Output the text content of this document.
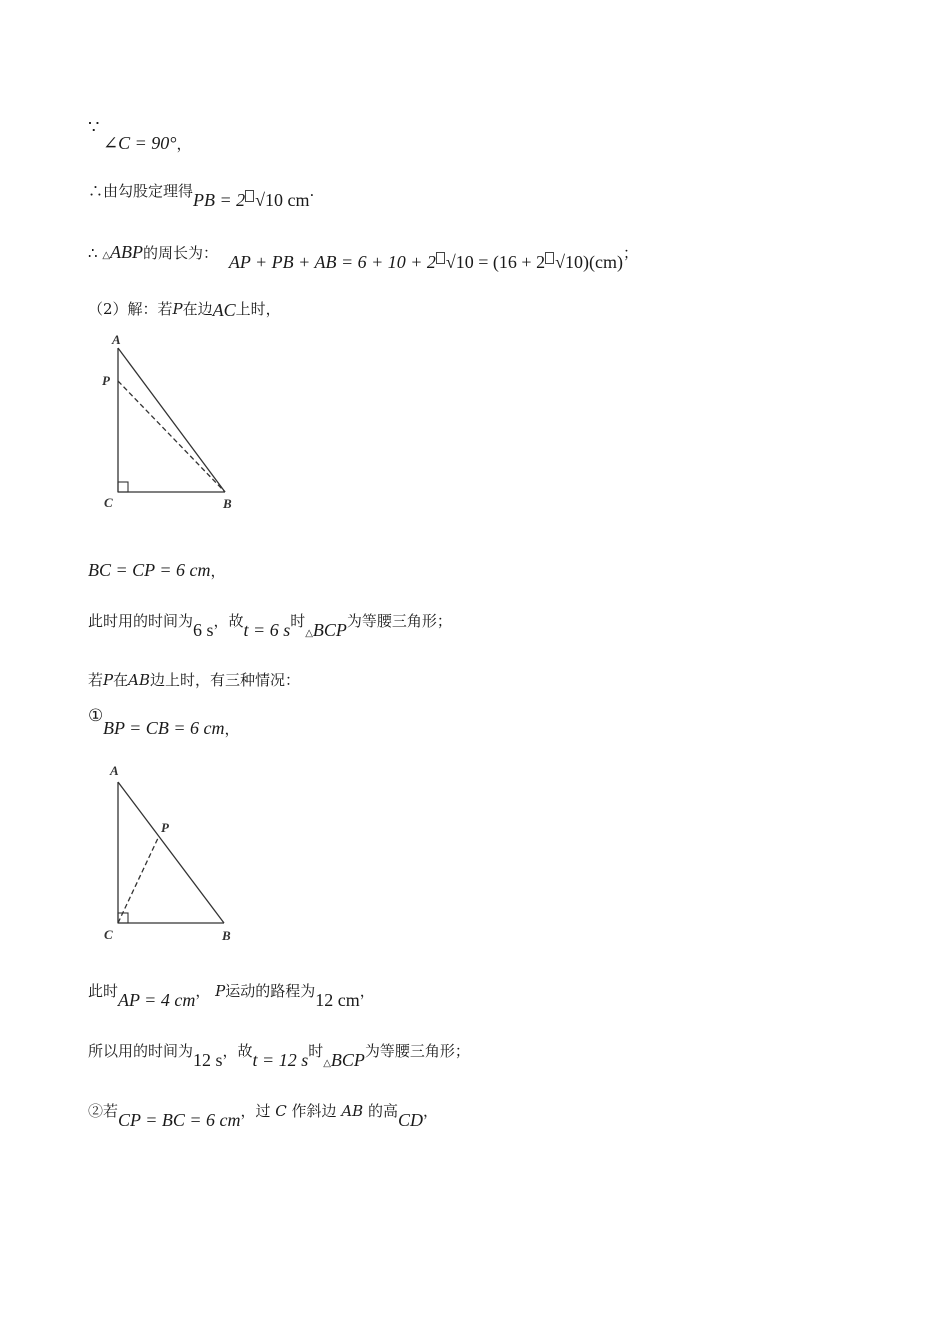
∵
∠C = 90°，
∴由勾股定理得PB = 2 √10 cm.
∴ △ABP的周长为： AP + PB + AB = 6 + 10 + 2 √10 = (16 + 2 √10)(cm)；
（2）解：若P在边AC上时，
A
P
C	B
BC = CP = 6 cm，
此时用的时间为6 s，故t = 6 s时△BCP为等腰三角形；
若P在AB边上时，有三种情况：
①
BP = CB = 6 cm，
A
P
C	B
此时AP = 4 cm， P运动的路程为12 cm，
所以用的时间为12 s，故t = 12 s时△BCP为等腰三角形；
②若CP = BC = 6 cm，过 C 作斜边 AB 的高CD，
